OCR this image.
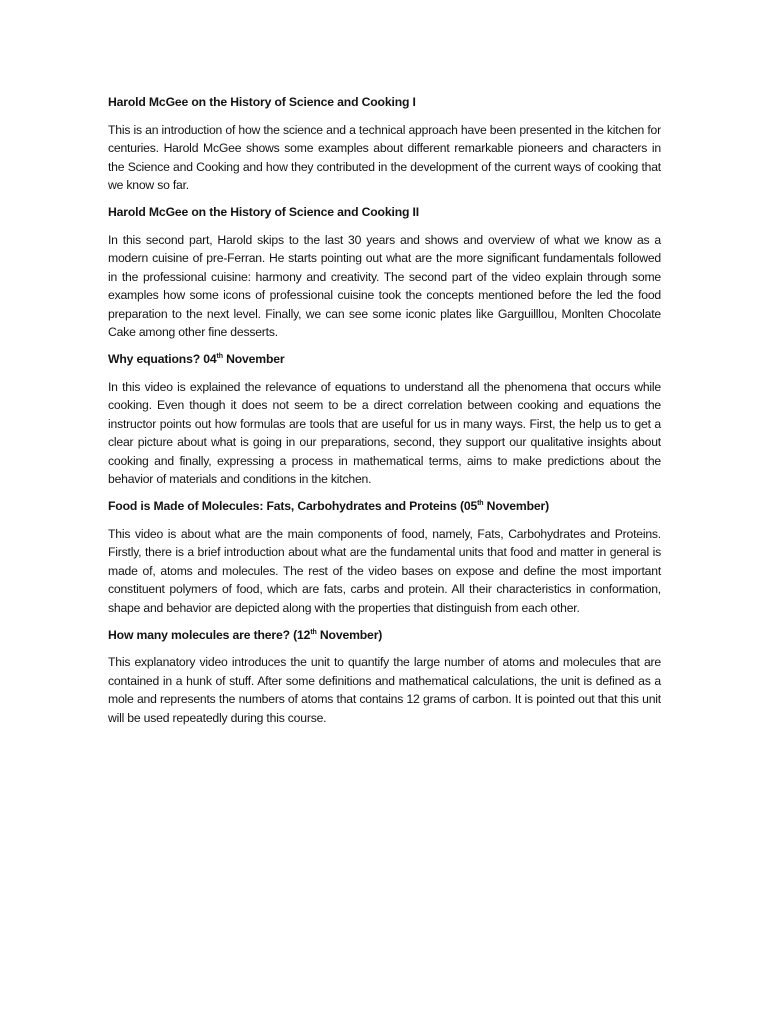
Harold McGee on the History of Science and Cooking I
This is an introduction of how the science and a technical approach have been presented in the kitchen for centuries. Harold McGee shows some examples about different remarkable pioneers and characters in the Science and Cooking and how they contributed in the development of the current ways of cooking that we know so far.
Harold McGee on the History of Science and Cooking II
In this second part, Harold skips to the last 30 years and shows and overview of what we know as a modern cuisine of pre-Ferran. He starts pointing out what are the more significant fundamentals followed in the professional cuisine: harmony and creativity. The second part of the video explain through some examples how some icons of professional cuisine took the concepts mentioned before the led the food preparation to the next level. Finally, we can see some iconic plates like Garguilllou, Monlten Chocolate Cake among other fine desserts.
Why equations? 04th November
In this video is explained the relevance of equations to understand all the phenomena that occurs while cooking. Even though it does not seem to be a direct correlation between cooking and equations the instructor points out how formulas are tools that are useful for us in many ways. First, the help us to get a clear picture about what is going in our preparations, second, they support our qualitative insights about cooking and finally, expressing a process in mathematical terms, aims to make predictions about the behavior of materials and conditions in the kitchen.
Food is Made of Molecules: Fats, Carbohydrates and Proteins (05th November)
This video is about what are the main components of food, namely, Fats, Carbohydrates and Proteins. Firstly, there is a brief introduction about what are the fundamental units that food and matter in general is made of, atoms and molecules. The rest of the video bases on expose and define the most important constituent polymers of food, which are fats, carbs and protein. All their characteristics in conformation, shape and behavior are depicted along with the properties that distinguish from each other.
How many molecules are there? (12th November)
This explanatory video introduces the unit to quantify the large number of atoms and molecules that are contained in a hunk of stuff. After some definitions and mathematical calculations, the unit is defined as a mole and represents the numbers of atoms that contains 12 grams of carbon. It is pointed out that this unit will be used repeatedly during this course.
